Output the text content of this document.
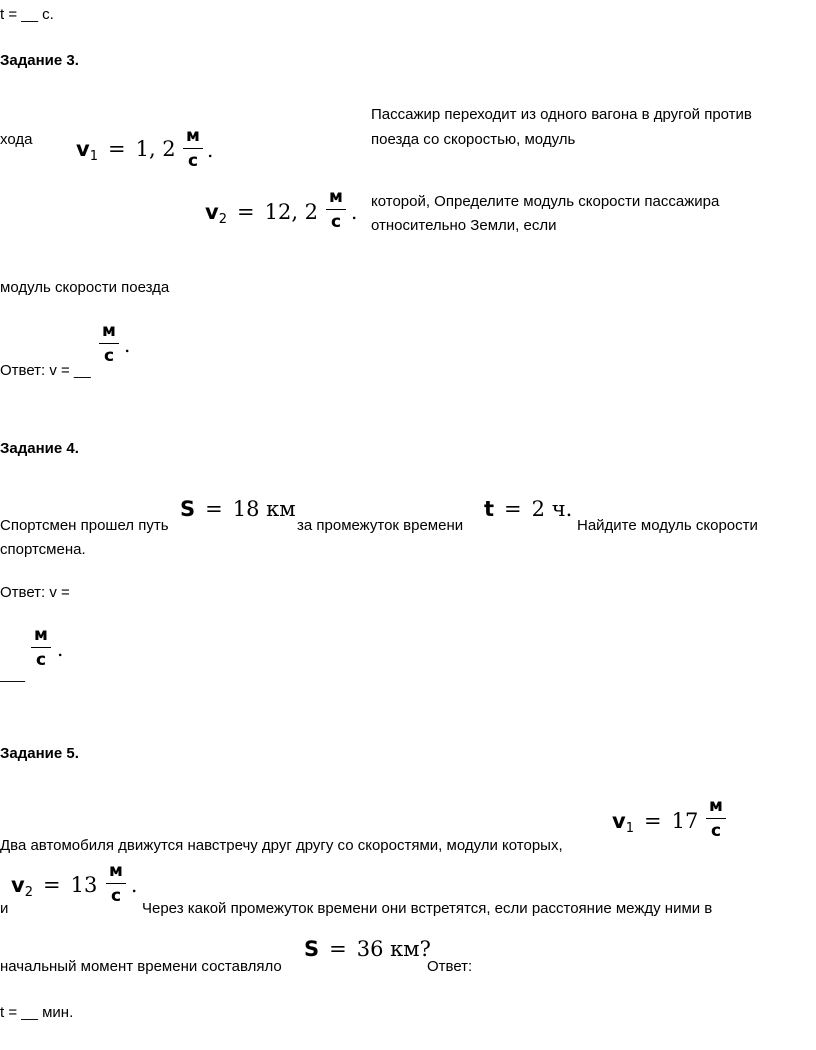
t = __ с.
Задание 3.
Пассажир переходит из одного вагона в другой против
поезда со скоростью, модуль
хода v1 = 1, 2
м
с .
v2 = 12, 2
м
с . которой, Определите модуль скорости пассажира
относительно Земли, если
модуль скорости поезда
м
с .
Ответ: v = __
Задание 4.
S = 18 км	t = 2 ч.
Спортсмен прошел путь	за промежуток времени	Найдите модуль скорости
спортсмена.
Ответ: v =
м
с .
___
Задание 5.
v1 = 17
м
с
Два автомобиля движутся навстречу друг другу со скоростями, модули которых,
v2 = 13
м
с .
и	Через какой промежуток времени они встретятся, если расстояние между ними в
S = 36 км?
начальный момент времени составляло	Ответ:
t = __ мин.
